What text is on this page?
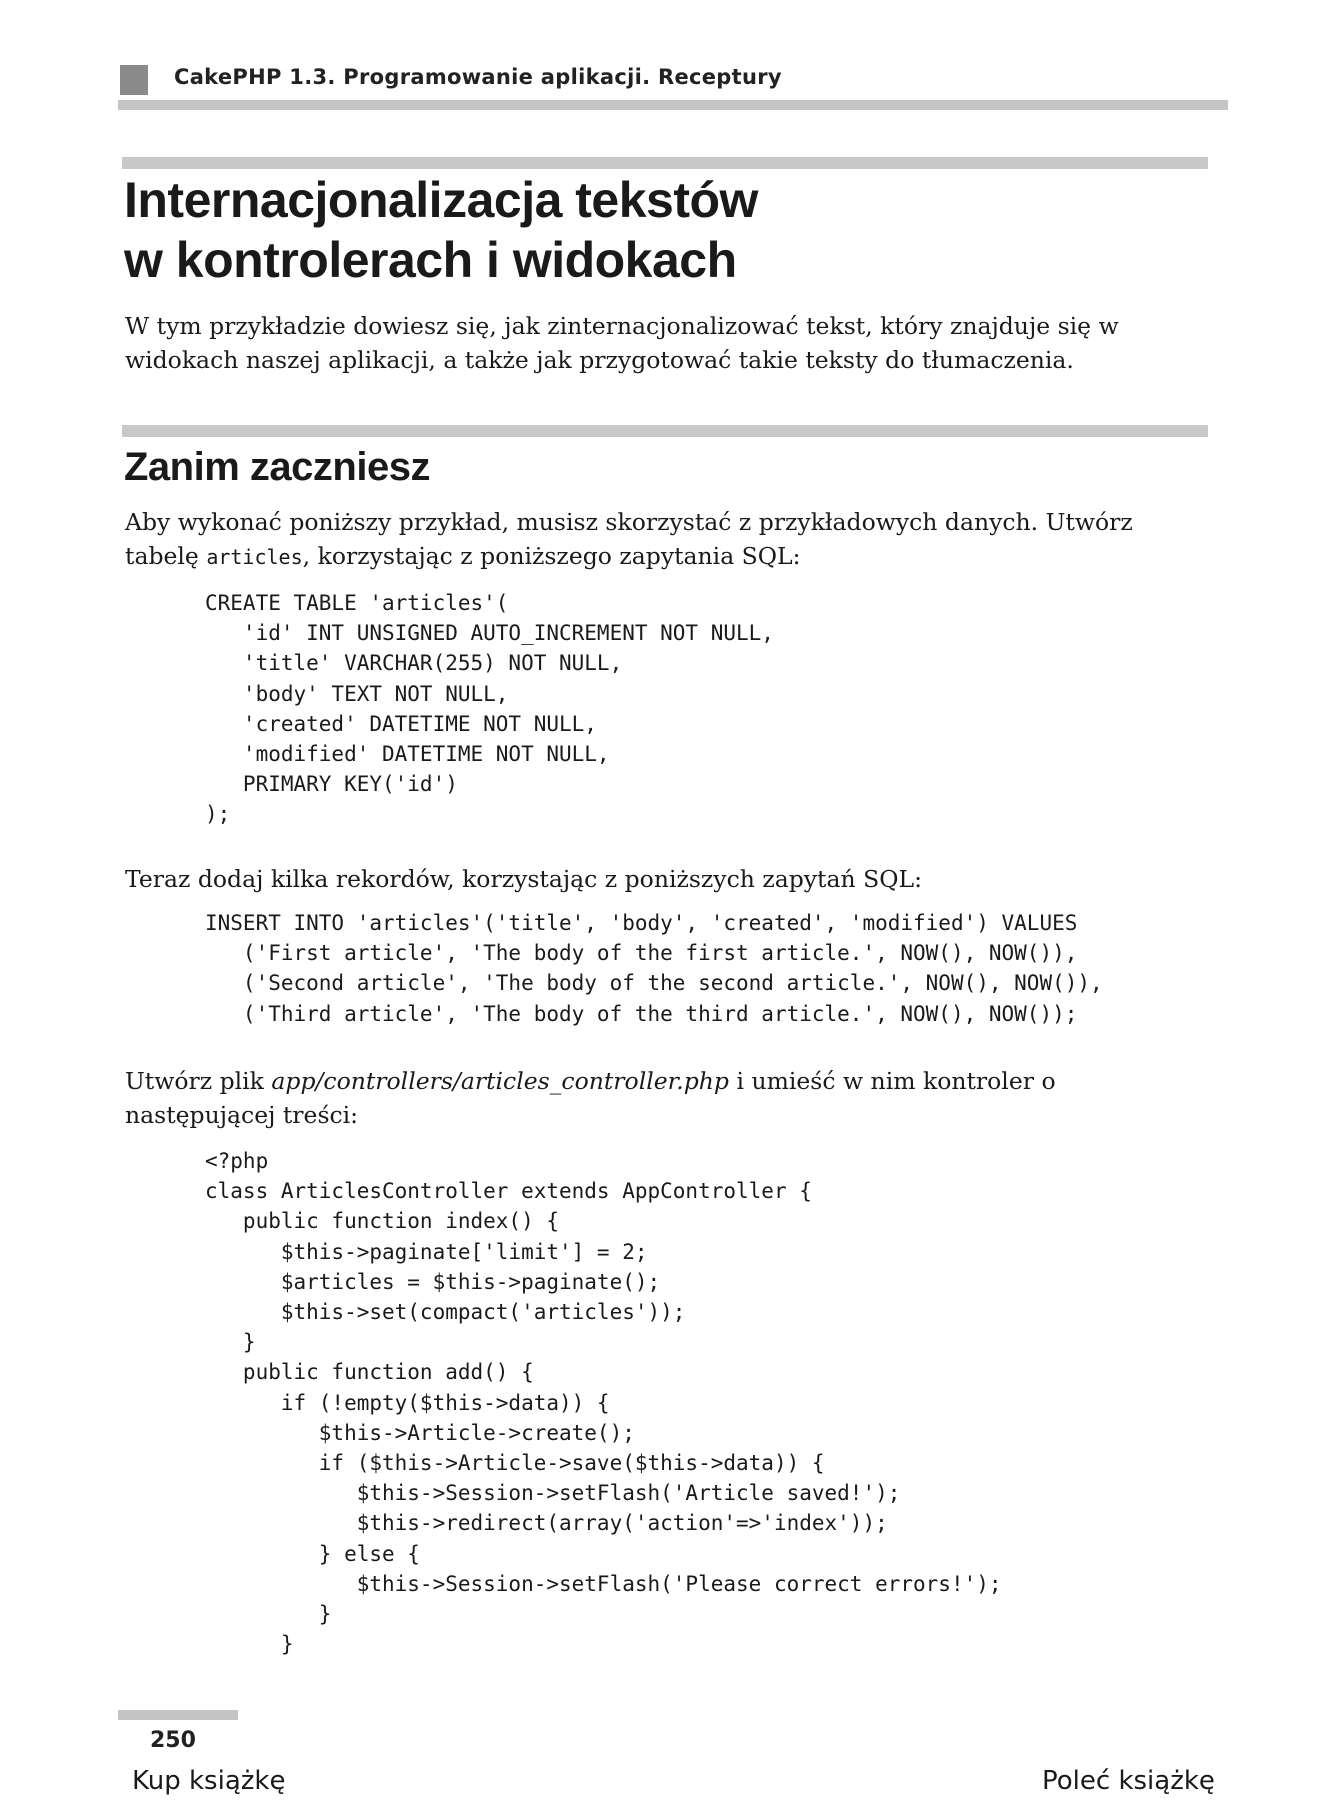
CakePHP 1.3. Programowanie aplikacji. Receptury
Internacjonalizacja tekstów
w kontrolerach i widokach
W tym przykładzie dowiesz się, jak zinternacjonalizować tekst, który znajduje się w widokach naszej aplikacji, a także jak przygotować takie teksty do tłumaczenia.
Zanim zaczniesz
Aby wykonać poniższy przykład, musisz skorzystać z przykładowych danych. Utwórz tabelę articles, korzystając z poniższego zapytania SQL:
CREATE TABLE 'articles'(
'id' INT UNSIGNED AUTO_INCREMENT NOT NULL,
'title' VARCHAR(255) NOT NULL,
'body' TEXT NOT NULL,
'created' DATETIME NOT NULL,
'modified' DATETIME NOT NULL,
PRIMARY KEY('id')
);
Teraz dodaj kilka rekordów, korzystając z poniższych zapytań SQL:
INSERT INTO 'articles'('title', 'body', 'created', 'modified') VALUES
('First article', 'The body of the first article.', NOW(), NOW()),
('Second article', 'The body of the second article.', NOW(), NOW()),
('Third article', 'The body of the third article.', NOW(), NOW());
Utwórz plik app/controllers/articles_controller.php i umieść w nim kontroler o następującej treści:
<?php
class ArticlesController extends AppController {
public function index() {
$this->paginate['limit'] = 2;
$articles = $this->paginate();
$this->set(compact('articles'));
}
public function add() {
if (!empty($this->data)) {
$this->Article->create();
if ($this->Article->save($this->data)) {
$this->Session->setFlash('Article saved!');
$this->redirect(array('action'=>'index'));
} else {
$this->Session->setFlash('Please correct errors!');
}
}
250
Kup książkę	Poleć książkę
